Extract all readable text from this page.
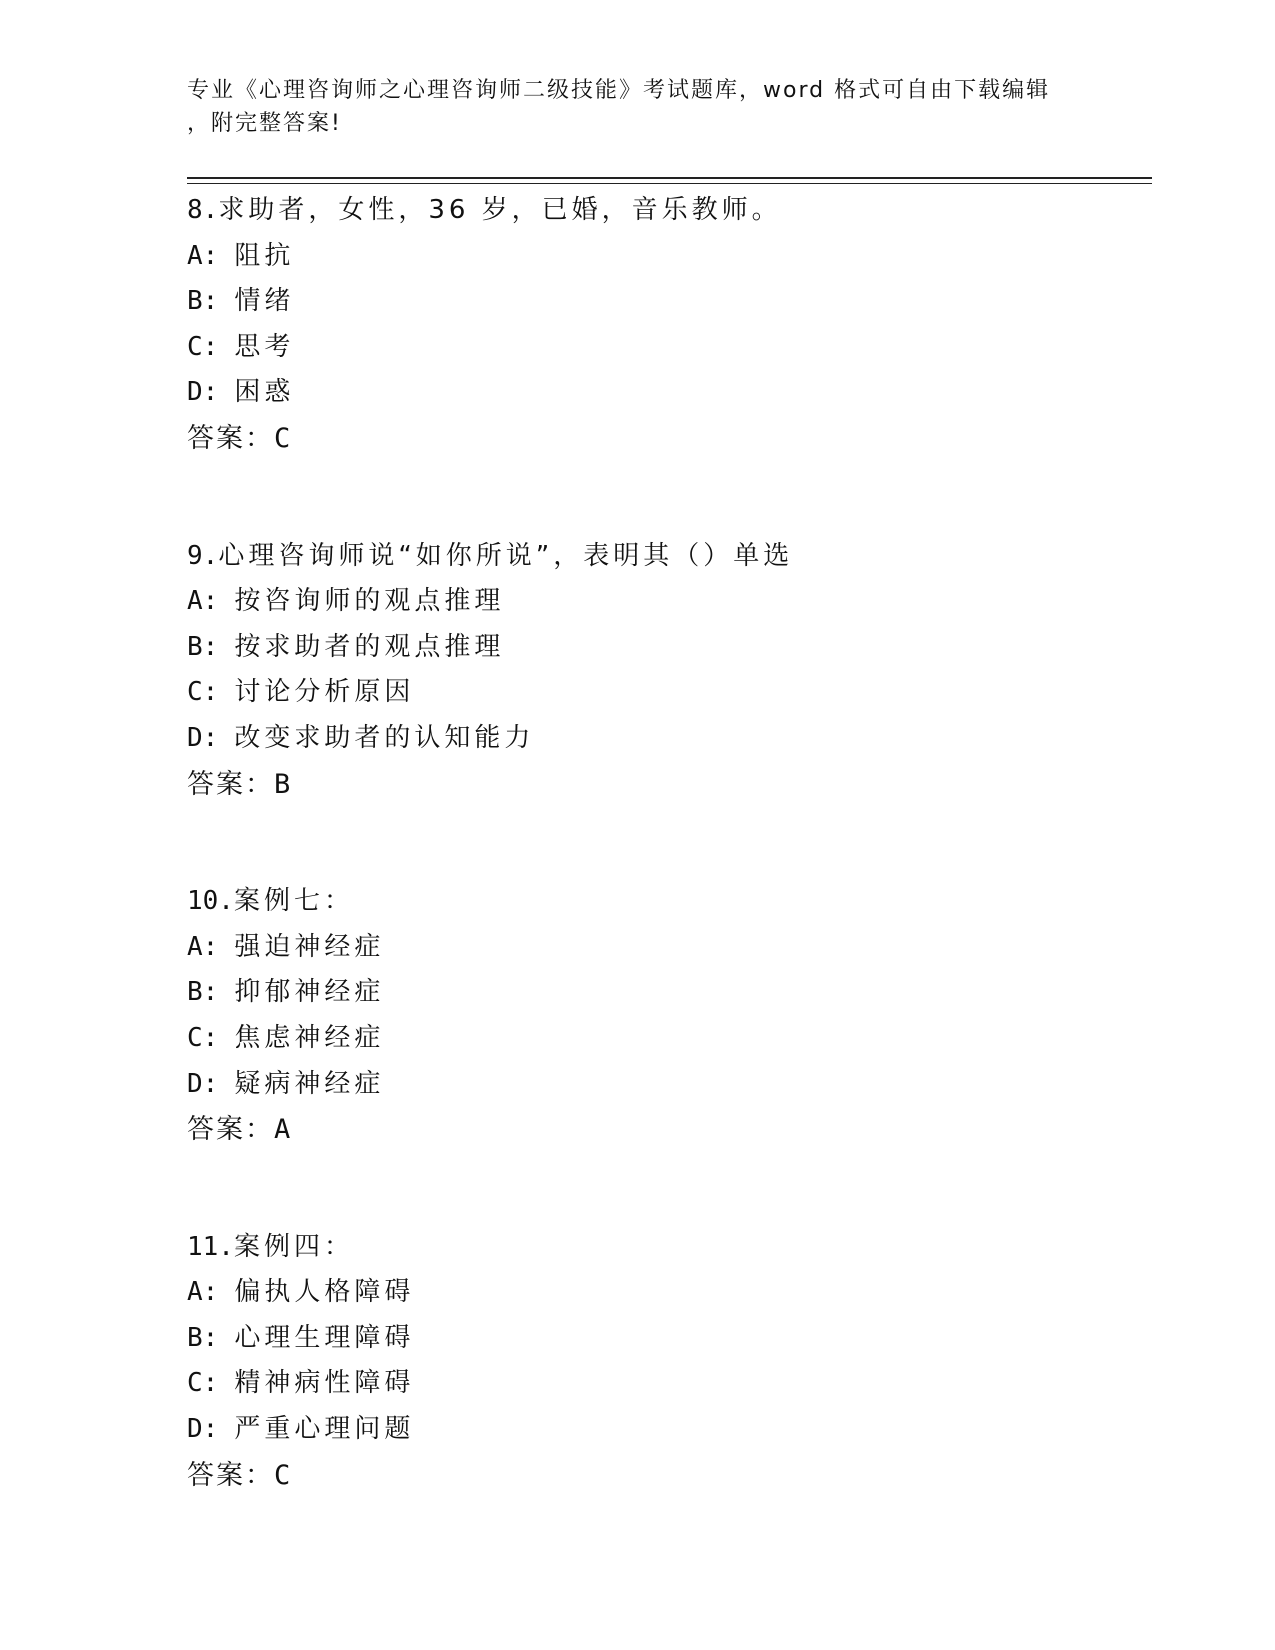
专业《心理咨询师之心理咨询师二级技能》考试题库，word 格式可自由下载编辑
，附完整答案!
8.求助者，女性，36 岁，已婚，音乐教师。
A: 阻抗
B: 情绪
C: 思考
D: 困惑
答案：C
9.心理咨询师说“如你所说”，表明其（）单选
A: 按咨询师的观点推理
B: 按求助者的观点推理
C: 讨论分析原因
D: 改变求助者的认知能力
答案：B
10.案例七：
A: 强迫神经症
B: 抑郁神经症
C: 焦虑神经症
D: 疑病神经症
答案：A
11.案例四：
A: 偏执人格障碍
B: 心理生理障碍
C: 精神病性障碍
D: 严重心理问题
答案：C
